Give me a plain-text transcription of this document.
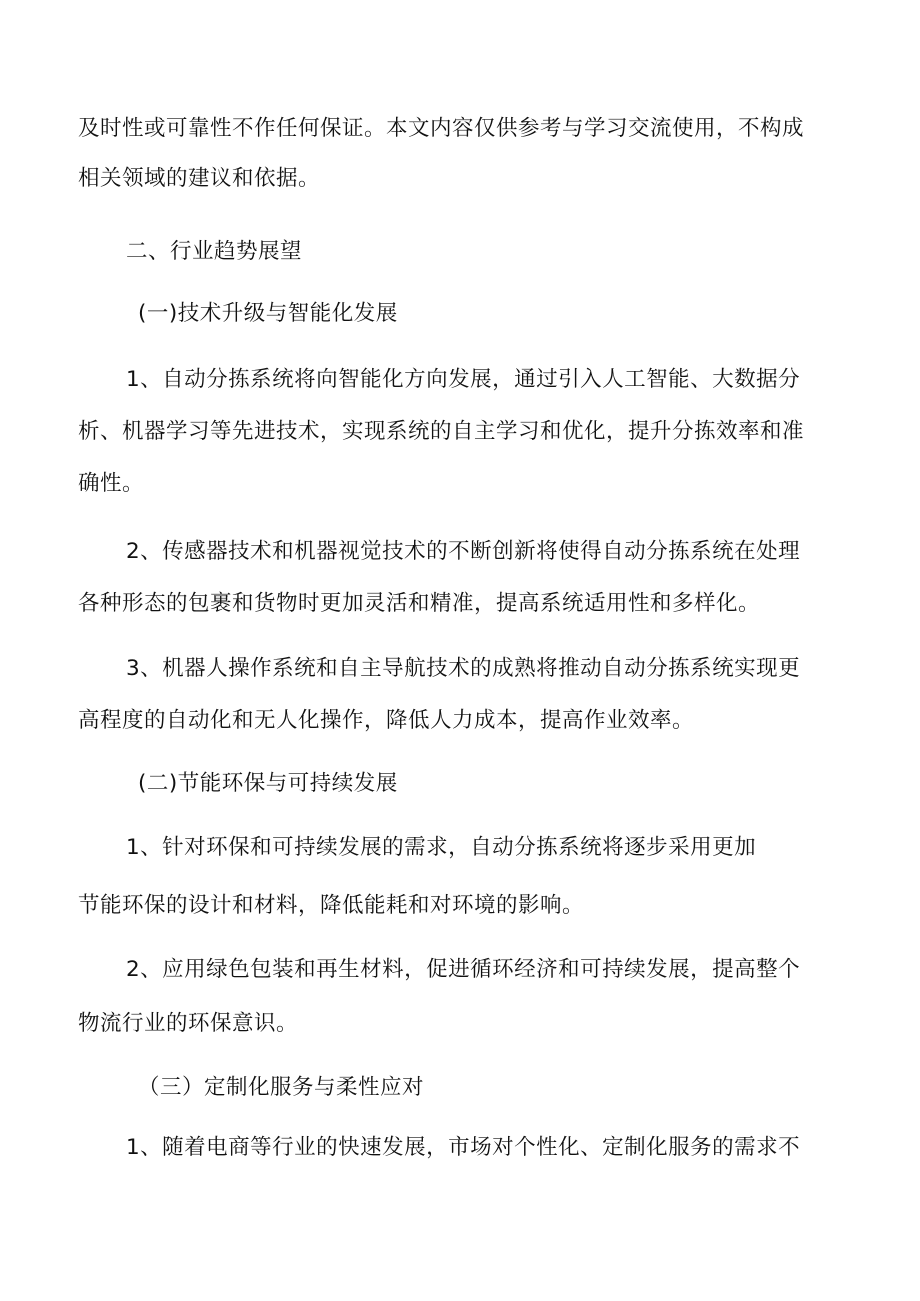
及时性或可靠性不作任何保证。本文内容仅供参考与学习交流使用，不构成
相关领域的建议和依据。
二、行业趋势展望
(一)技术升级与智能化发展
1、自动分拣系统将向智能化方向发展，通过引入人工智能、大数据分
析、机器学习等先进技术，实现系统的自主学习和优化，提升分拣效率和准
确性。
2、传感器技术和机器视觉技术的不断创新将使得自动分拣系统在处理
各种形态的包裹和货物时更加灵活和精准，提高系统适用性和多样化。
3、机器人操作系统和自主导航技术的成熟将推动自动分拣系统实现更
高程度的自动化和无人化操作，降低人力成本，提高作业效率。
(二)节能环保与可持续发展
1、针对环保和可持续发展的需求，自动分拣系统将逐步采用更加
节能环保的设计和材料，降低能耗和对环境的影响。
2、应用绿色包装和再生材料，促进循环经济和可持续发展，提高整个
物流行业的环保意识。
（三）定制化服务与柔性应对
1、随着电商等行业的快速发展，市场对个性化、定制化服务的需求不
